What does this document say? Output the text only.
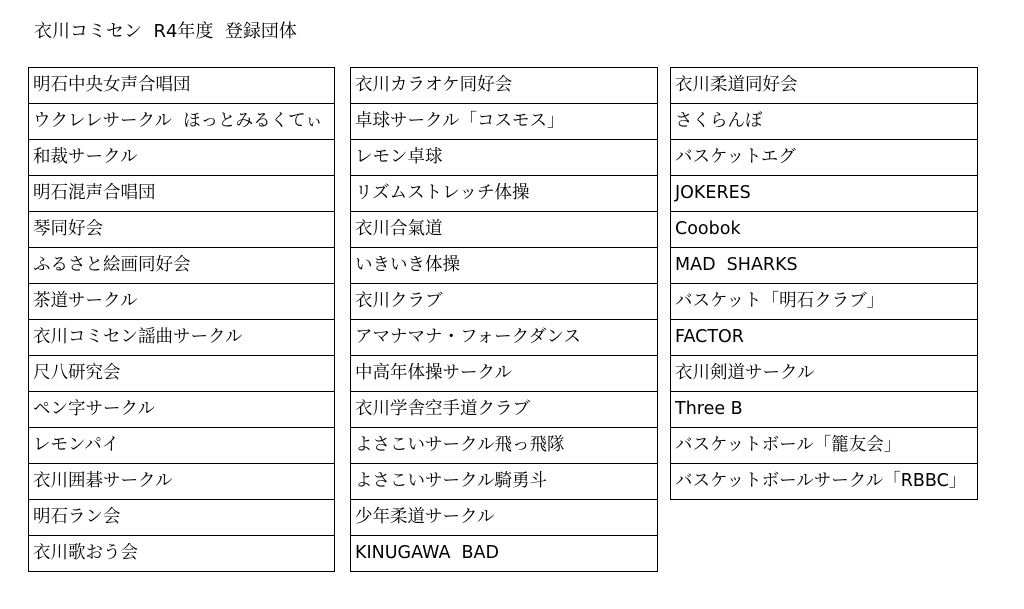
衣川コミセン  R4年度  登録団体
明石中央女声合唱団
ウクレレサークル  ほっとみるくてぃ
和裁サークル
明石混声合唱団
琴同好会
ふるさと絵画同好会
茶道サークル
衣川コミセン謡曲サークル
尺八研究会
ペン字サークル
レモンパイ
衣川囲碁サークル
明石ラン会
衣川歌おう会
衣川カラオケ同好会
卓球サークル「コスモス」
レモン卓球
リズムストレッチ体操
衣川合氣道
いきいき体操
衣川クラブ
アマナマナ・フォークダンス
中高年体操サークル
衣川学舎空手道クラブ
よさこいサークル飛っ飛隊
よさこいサークル騎勇斗
少年柔道サークル
KINUGAWA  BAD
衣川柔道同好会
さくらんぼ
バスケットエグ
JOKERES
Coobok
MAD  SHARKS
バスケット「明石クラブ」
FACTOR
衣川剣道サークル
Three B
バスケットボール「籠友会」
バスケットボールサークル「RBBC」
